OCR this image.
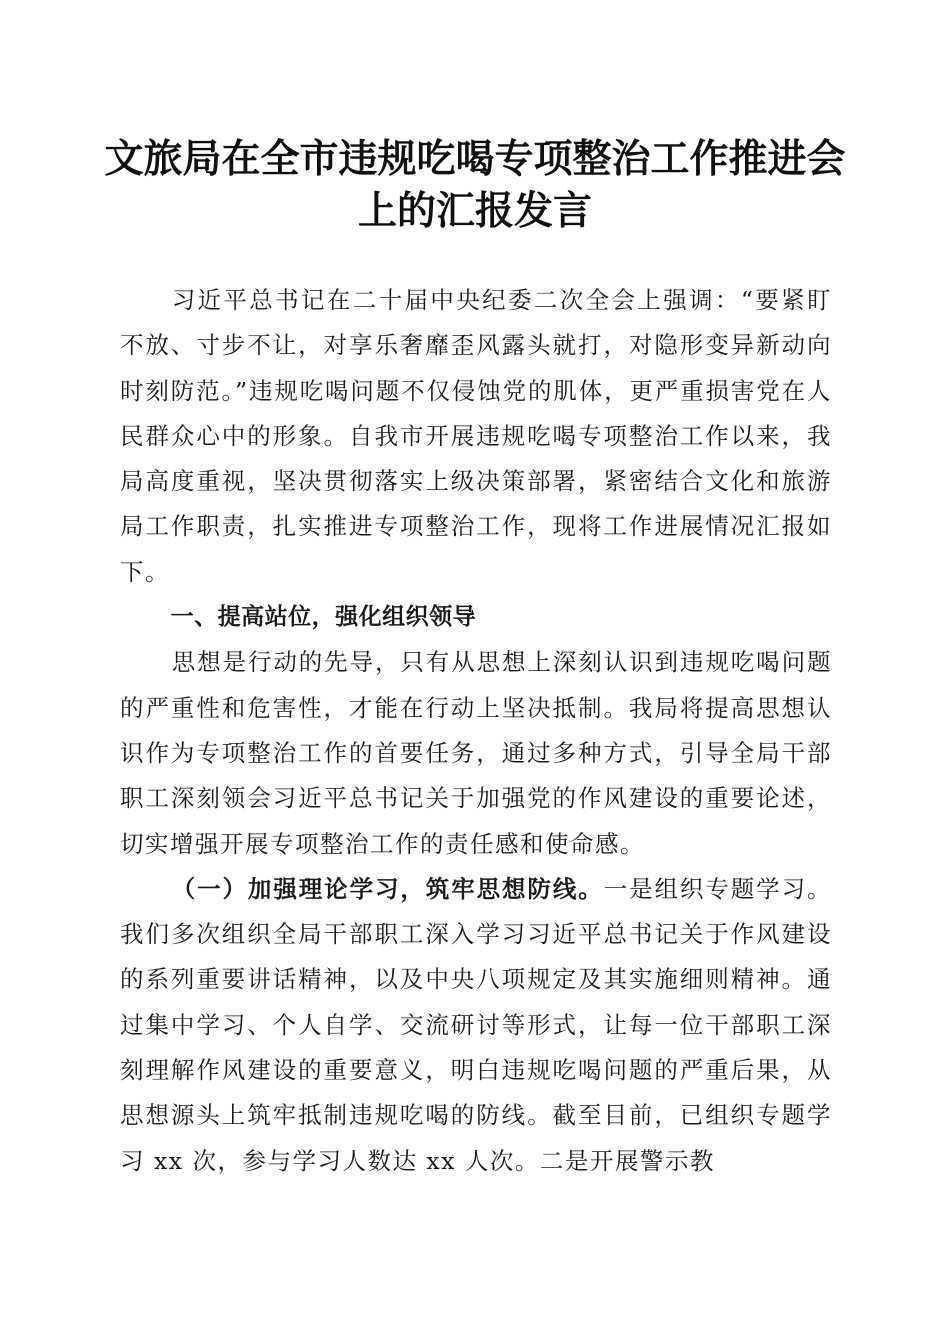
文旅局在全市违规吃喝专项整治工作推进会上的汇报发言

习近平总书记在二十届中央纪委二次全会上强调：“要紧盯不放、寸步不让，对享乐奢靡歪风露头就打，对隐形变异新动向时刻防范。”违规吃喝问题不仅侵蚀党的肌体，更严重损害党在人民群众心中的形象。自我市开展违规吃喝专项整治工作以来，我局高度重视，坚决贯彻落实上级决策部署，紧密结合文化和旅游局工作职责，扎实推进专项整治工作，现将工作进展情况汇报如下。

一、提高站位，强化组织领导

思想是行动的先导，只有从思想上深刻认识到违规吃喝问题的严重性和危害性，才能在行动上坚决抵制。我局将提高思想认识作为专项整治工作的首要任务，通过多种方式，引导全局干部职工深刻领会习近平总书记关于加强党的作风建设的重要论述，切实增强开展专项整治工作的责任感和使命感。

（一）加强理论学习，筑牢思想防线。一是组织专题学习。我们多次组织全局干部职工深入学习习近平总书记关于作风建设的系列重要讲话精神，以及中央八项规定及其实施细则精神。通过集中学习、个人自学、交流研讨等形式，让每一位干部职工深刻理解作风建设的重要意义，明白违规吃喝问题的严重后果，从思想源头上筑牢抵制违规吃喝的防线。截至目前，已组织专题学习 xx 次，参与学习人数达 xx 人次。二是开展警示教
